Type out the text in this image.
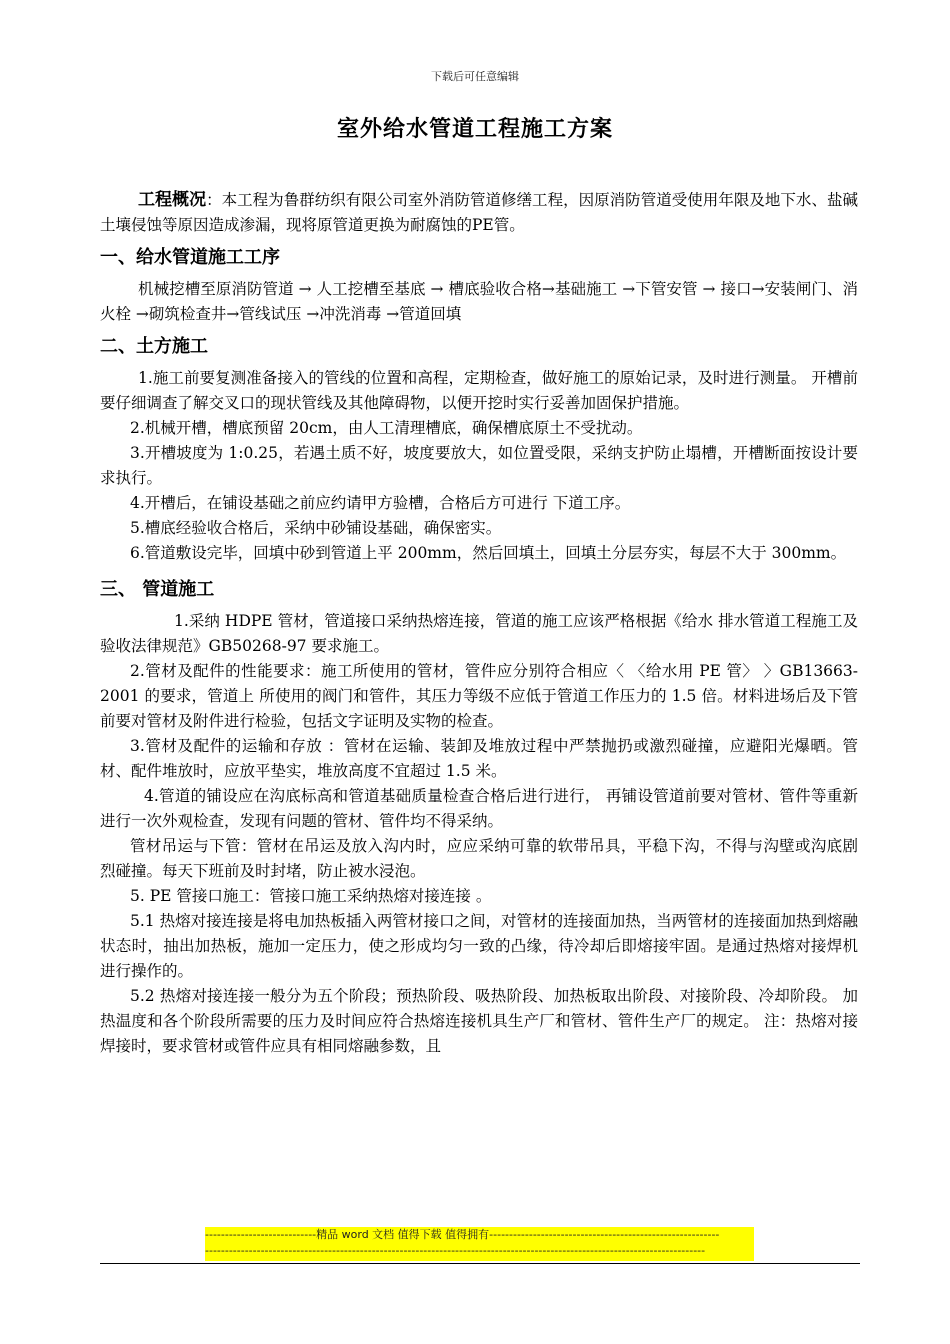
下载后可任意编辑
室外给水管道工程施工方案

工程概况：本工程为鲁群纺织有限公司室外消防管道修缮工程，因原消防管道受使用年限及地下水、盐碱土壤侵蚀等原因造成渗漏，现将原管道更换为耐腐蚀的PE管。

一、给水管道施工工序

机械挖槽至原消防管道 → 人工挖槽至基底 → 槽底验收合格→基础施工 →下管安管 → 接口→安装闸门、消火栓 →砌筑检查井→管线试压 →冲洗消毒 →管道回填

二、土方施工

1.施工前要复测准备接入的管线的位置和高程，定期检查，做好施工的原始记录，及时进行测量。 开槽前要仔细调查了解交叉口的现状管线及其他障碍物，以便开挖时实行妥善加固保护措施。

2.机械开槽，槽底预留 20cm，由人工清理槽底，确保槽底原土不受扰动。

3.开槽坡度为 1:0.25，若遇土质不好，坡度要放大，如位置受限，采纳支护防止塌槽，开槽断面按设计要求执行。

4.开槽后，在铺设基础之前应约请甲方验槽，合格后方可进行 下道工序。

5.槽底经验收合格后，采纳中砂铺设基础，确保密实。

6.管道敷设完毕，回填中砂到管道上平 200mm，然后回填土，回填土分层夯实，每层不大于 300mm。

三、 管道施工

1.采纳 HDPE 管材，管道接口采纳热熔连接，管道的施工应该严格根据《给水 排水管道工程施工及验收法律规范》GB50268-97 要求施工。

2.管材及配件的性能要求：施工所使用的管材，管件应分别符合相应〈 〈给水用 PE 管〉 〉GB13663-2001 的要求，管道上 所使用的阀门和管件，其压力等级不应低于管道工作压力的 1.5 倍。材料进场后及下管前要对管材及附件进行检验，包括文字证明及实物的检查。

3.管材及配件的运输和存放 ：管材在运输、装卸及堆放过程中严禁抛扔或激烈碰撞，应避阳光爆晒。管材、配件堆放时，应放平垫实，堆放高度不宜超过 1.5 米。

4.管道的铺设应在沟底标高和管道基础质量检查合格后进行进行， 再铺设管道前要对管材、管件等重新进行一次外观检查，发现有问题的管材、管件均不得采纳。

管材吊运与下管：管材在吊运及放入沟内时，应应采纳可靠的软带吊具，平稳下沟，不得与沟壁或沟底剧烈碰撞。每天下班前及时封堵，防止被水浸泡。

5. PE 管接口施工：管接口施工采纳热熔对接连接 。

5.1 热熔对接连接是将电加热板插入两管材接口之间，对管材的连接面加热，当两管材的连接面加热到熔融状态时，抽出加热板，施加一定压力，使之形成均匀一致的凸缘，待冷却后即熔接牢固。是通过热熔对接焊机进行操作的。

5.2 热熔对接连接一般分为五个阶段；预热阶段、吸热阶段、加热板取出阶段、对接阶段、冷却阶段。 加热温度和各个阶段所需要的压力及时间应符合热熔连接机具生产厂和管材、管件生产厂的规定。 注：热熔对接焊接时，要求管材或管件应具有相同熔融参数，且

----------------------------精品 word 文档 值得下载 值得拥有----------------------------------------------------------
------------------------------------------------------------------------------------------------------------------------------
